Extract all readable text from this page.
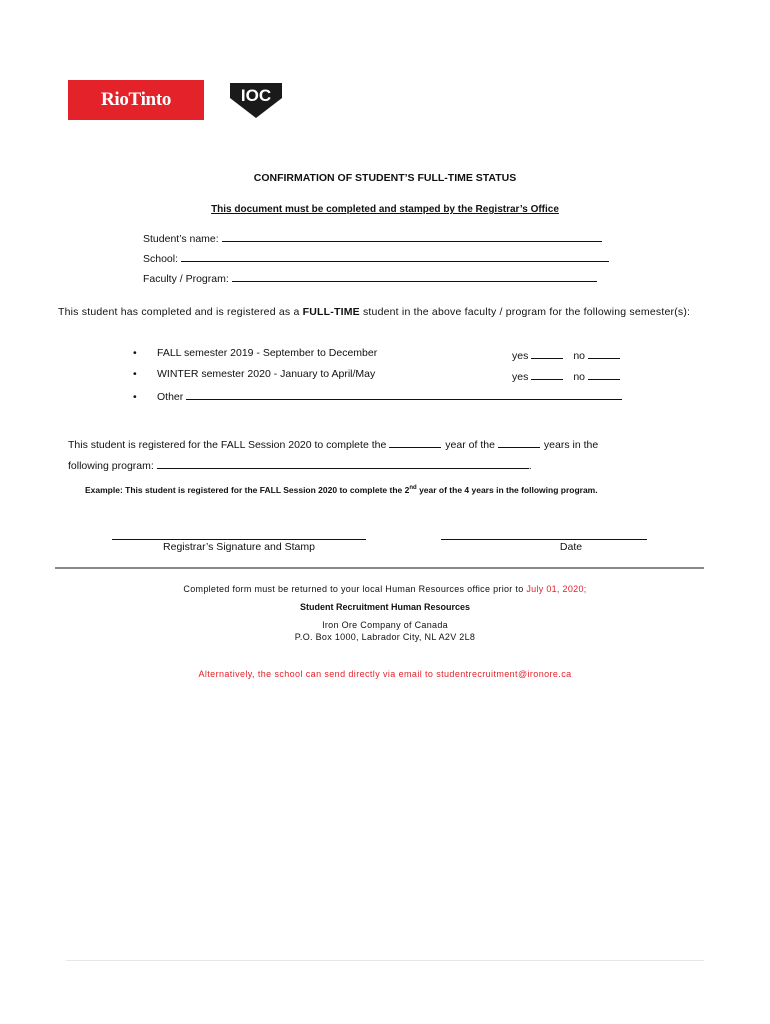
RioTinto	IOC
CONFIRMATION OF STUDENT’S FULL-TIME STATUS
This document must be completed and stamped by the Registrar’s Office
Student’s name:
School:
Faculty / Program:
This student has completed and is registered as a FULL-TIME student in the above faculty / program for the following semester(s):
• FALL semester 2019 - September to December	yes	no
• WINTER semester 2020 - January to April/May	yes	no
• Other
This student is registered for the FALL Session 2020 to complete the	year of the	years in the
following program:	.
Example: This student is registered for the FALL Session 2020 to complete the 2nd year of the 4 years in the following program.
Registrar’s Signature and Stamp	Date
Completed form must be returned to your local Human Resources office prior to July 01, 2020;
Student Recruitment Human Resources
Iron Ore Company of Canada
P.O. Box 1000, Labrador City, NL A2V 2L8
Alternatively, the school can send directly via email to studentrecruitment@ironore.ca
